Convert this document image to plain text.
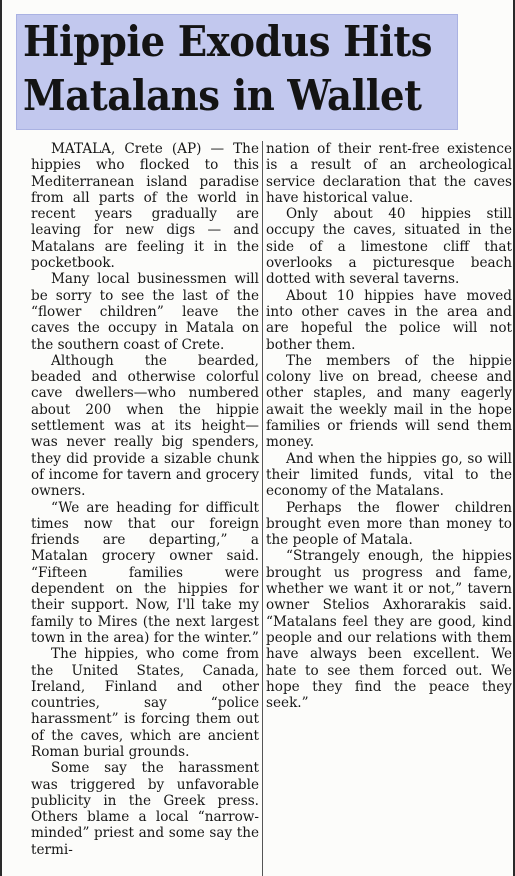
Hippie Exodus Hits
Matalans in Wallet

MATALA, Crete (AP) — The hippies who flocked to this Mediterranean island paradise from all parts of the world in recent years gradually are leaving for new digs — and Matalans are feeling it in the pocketbook.

Many local businessmen will be sorry to see the last of the “flower children” leave the caves the occupy in Matala on the southern coast of Crete.

Although the bearded, beaded and otherwise colorful cave dwellers—who numbered about 200 when the hippie settlement was at its height—was never really big spenders, they did provide a sizable chunk of income for tavern and grocery owners.

“We are heading for difficult times now that our foreign friends are departing,” a Matalan grocery owner said. “Fifteen families were dependent on the hippies for their support. Now, I'll take my family to Mires (the next largest town in the area) for the winter.”

The hippies, who come from the United States, Canada, Ireland, Finland and other countries, say “police harassment” is forcing them out of the caves, which are ancient Roman burial grounds.

Some say the harassment was triggered by unfavorable publicity in the Greek press. Others blame a local “narrow-minded” priest and some say the termi-

nation of their rent-free existence is a result of an archeological service declaration that the caves have historical value.

Only about 40 hippies still occupy the caves, situated in the side of a limestone cliff that overlooks a picturesque beach dotted with several taverns.

About 10 hippies have moved into other caves in the area and are hopeful the police will not bother them.

The members of the hippie colony live on bread, cheese and other staples, and many eagerly await the weekly mail in the hope families or friends will send them money.

And when the hippies go, so will their limited funds, vital to the economy of the Matalans.

Perhaps the flower children brought even more than money to the people of Matala.

“Strangely enough, the hippies brought us progress and fame, whether we want it or not,” tavern owner Stelios Axhorarakis said. “Matalans feel they are good, kind people and our relations with them have always been excellent. We hate to see them forced out. We hope they find the peace they seek.”
